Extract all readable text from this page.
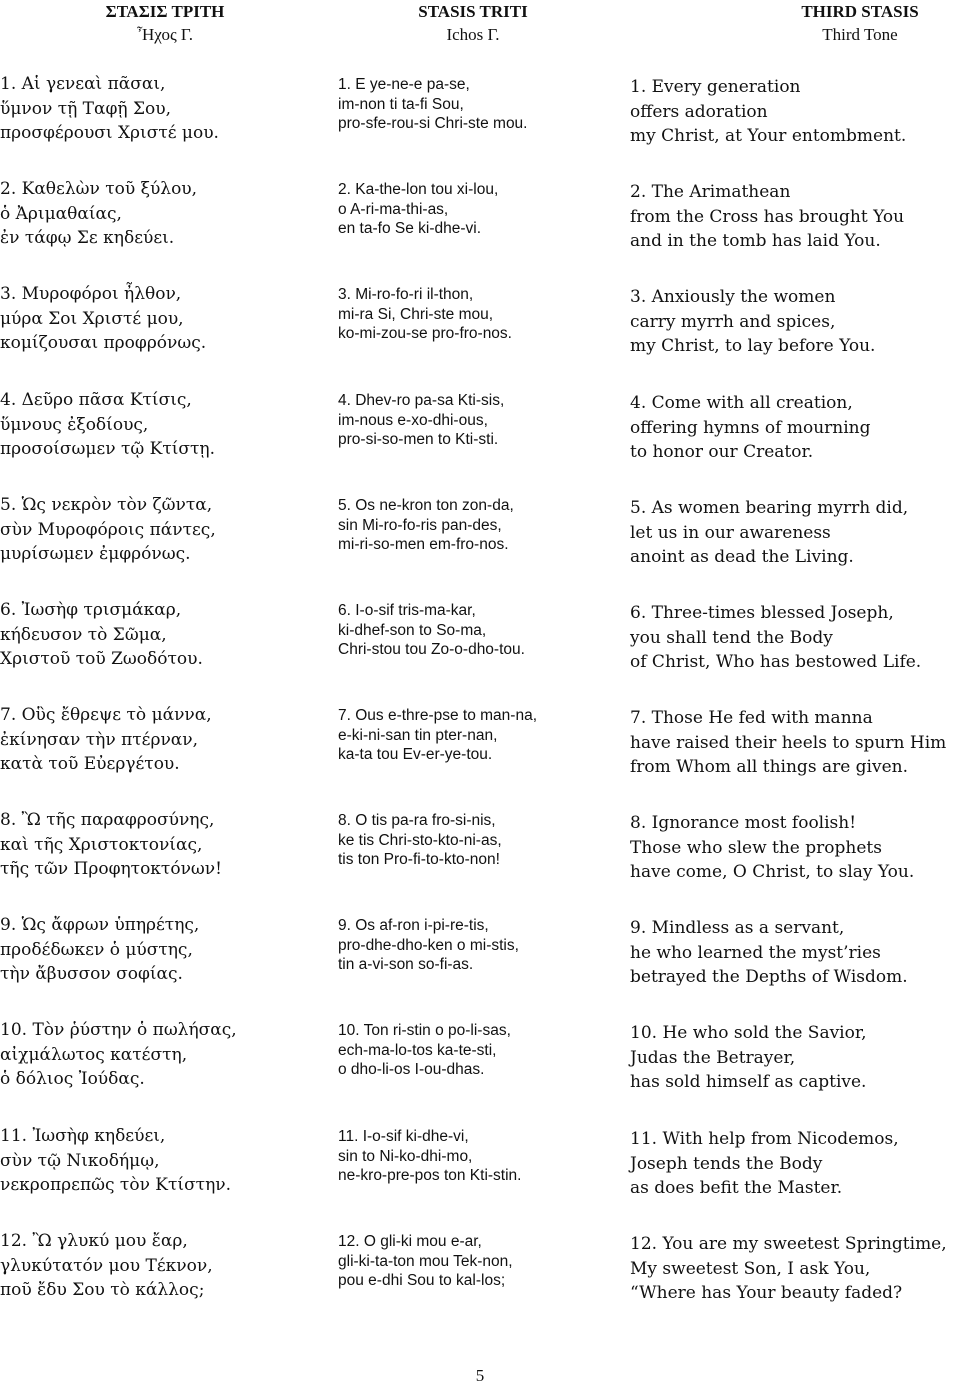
ΣΤΑΣΙΣ ΤΡΙΤΗ
Ἦχος Γ.
STASIS TRITI
Ichos Γ.
THIRD STASIS
Third Tone
1. Αἱ γενεαὶ πᾶσαι,
ὕμνον τῇ Ταφῇ Σου,
προσφέρουσι Χριστέ μου.
1. E ye-ne-e pa-se,
im-non ti ta-fi Sou,
pro-sfe-rou-si Chri-ste mou.
1. Every generation
offers adoration
my Christ, at Your entombment.
2. Καθελὼν τοῦ ξύλου,
ὁ Ἀριμαθαίας,
ἐν τάφῳ Σε κηδεύει.
2. Ka-the-lon tou xi-lou,
o A-ri-ma-thi-as,
en ta-fo Se ki-dhe-vi.
2. The Arimathean
from the Cross has brought You
and in the tomb has laid You.
3. Μυροφόροι ἦλθον,
μύρα Σοι Χριστέ μου,
κομίζουσαι προφρόνως.
3. Mi-ro-fo-ri il-thon,
mi-ra Si, Chri-ste mou,
ko-mi-zou-se pro-fro-nos.
3. Anxiously the women
carry myrrh and spices,
my Christ, to lay before You.
4. Δεῦρο πᾶσα Κτίσις,
ὕμνους ἐξοδίους,
προσοίσωμεν τῷ Κτίστῃ.
4. Dhev-ro pa-sa Kti-sis,
im-nous e-xo-dhi-ous,
pro-si-so-men to Kti-sti.
4. Come with all creation,
offering hymns of mourning
to honor our Creator.
5. Ὡς νεκρὸν τὸν ζῶντα,
σὺν Μυροφόροις πάντες,
μυρίσωμεν ἐμφρόνως.
5. Os ne-kron ton zon-da,
sin Mi-ro-fo-ris pan-des,
mi-ri-so-men em-fro-nos.
5. As women bearing myrrh did,
let us in our awareness
anoint as dead the Living.
6. Ἰωσὴφ τρισμάκαρ,
κήδευσον τὸ Σῶμα,
Χριστοῦ τοῦ Ζωοδότου.
6. I-o-sif tris-ma-kar,
ki-dhef-son to So-ma,
Chri-stou tou Zo-o-dho-tou.
6. Three-times blessed Joseph,
you shall tend the Body
of Christ, Who has bestowed Life.
7. Οὓς ἔθρεψε τὸ μάννα,
ἐκίνησαν τὴν πτέρναν,
κατὰ τοῦ Εὐεργέτου.
7. Ous e-thre-pse to man-na,
e-ki-ni-san tin pter-nan,
ka-ta tou Ev-er-ye-tou.
7. Those He fed with manna
have raised their heels to spurn Him
from Whom all things are given.
8. Ὢ τῆς παραφροσύνης,
καὶ τῆς Χριστοκτονίας,
τῆς τῶν Προφητοκτόνων!
8. O tis pa-ra fro-si-nis,
ke tis Chri-sto-kto-ni-as,
tis ton Pro-fi-to-kto-non!
8. Ignorance most foolish!
Those who slew the prophets
have come, O Christ, to slay You.
9. Ὡς ἄφρων ὑπηρέτης,
προδέδωκεν ὁ μύστης,
τὴν ἄβυσσον σοφίας.
9. Os af-ron i-pi-re-tis,
pro-dhe-dho-ken o mi-stis,
tin a-vi-son so-fi-as.
9. Mindless as a servant,
he who learned the myst’ries
betrayed the Depths of Wisdom.
10. Τὸν ῥύστην ὁ πωλήσας,
αἰχμάλωτος κατέστη,
ὁ δόλιος Ἰούδας.
10. Ton ri-stin o po-li-sas,
ech-ma-lo-tos ka-te-sti,
o dho-li-os I-ou-dhas.
10. He who sold the Savior,
Judas the Betrayer,
has sold himself as captive.
11. Ἰωσὴφ κηδεύει,
σὺν τῷ Νικοδήμῳ,
νεκροπρεπῶς τὸν Κτίστην.
11. I-o-sif ki-dhe-vi,
sin to Ni-ko-dhi-mo,
ne-kro-pre-pos ton Kti-stin.
11. With help from Nicodemos,
Joseph tends the Body
as does befit the Master.
12. Ὢ γλυκύ μου ἔαρ,
γλυκύτατόν μου Τέκνον,
ποῦ ἔδυ Σου τὸ κάλλος;
12. O gli-ki mou e-ar,
gli-ki-ta-ton mou Tek-non,
pou e-dhi Sou to kal-los;
12. You are my sweetest Springtime,
My sweetest Son, I ask You,
“Where has Your beauty faded?
5
